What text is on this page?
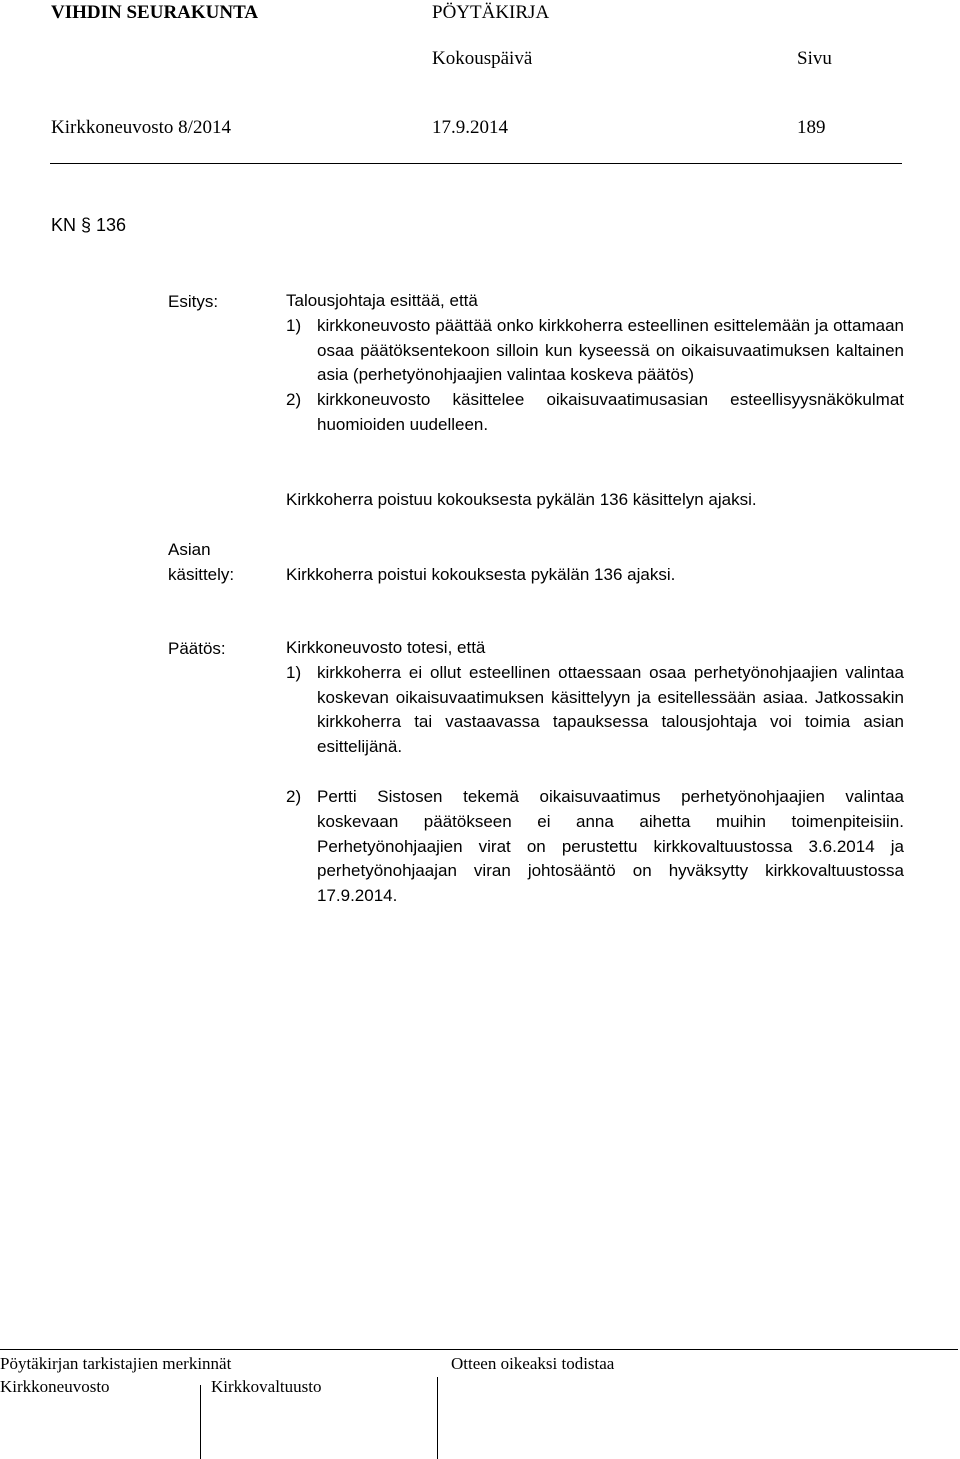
VIHDIN SEURAKUNTA	PÖYTÄKIRJA
Kokouspäivä	Sivu
Kirkkoneuvosto 8/2014	17.9.2014	189
KN § 136
Esitys:	Talousjohtaja esittää, että

1) kirkkoneuvosto päättää onko kirkkoherra esteellinen esittelemään ja ottamaan osaa päätöksentekoon silloin kun kyseessä on oikaisuvaatimuksen kaltainen asia (perhetyönohjaajien valintaa koskeva päätös)
2) kirkkoneuvosto käsittelee oikaisuvaatimusasian esteellisyysnäkökulmat huomioiden uudelleen.
Kirkkoherra poistuu kokouksesta pykälän 136 käsittelyn ajaksi.
Asian
käsittely:	Kirkkoherra poistui kokouksesta pykälän 136 ajaksi.
Päätös:	Kirkkoneuvosto totesi, että

1) kirkkoherra ei ollut esteellinen ottaessaan osaa perhetyönohjaajien valintaa koskevan oikaisuvaatimuksen käsittelyyn ja esitellessään asiaa. Jatkossakin kirkkoherra tai vastaavassa tapauksessa talousjohtaja voi toimia asian esittelijänä.
2) Pertti Sistosen tekemä oikaisuvaatimus perhetyönohjaajien valintaa koskevaan päätökseen ei anna aihetta muihin toimenpiteisiin. Perhetyönohjaajien virat on perustettu kirkkovaltuustossa 3.6.2014 ja perhetyönohjaajan viran johtosääntö on hyväksytty kirkkovaltuustossa 17.9.2014.
Pöytäkirjan tarkistajien merkinnät	Otteen oikeaksi todistaa
Kirkkoneuvosto	Kirkkovaltuusto
